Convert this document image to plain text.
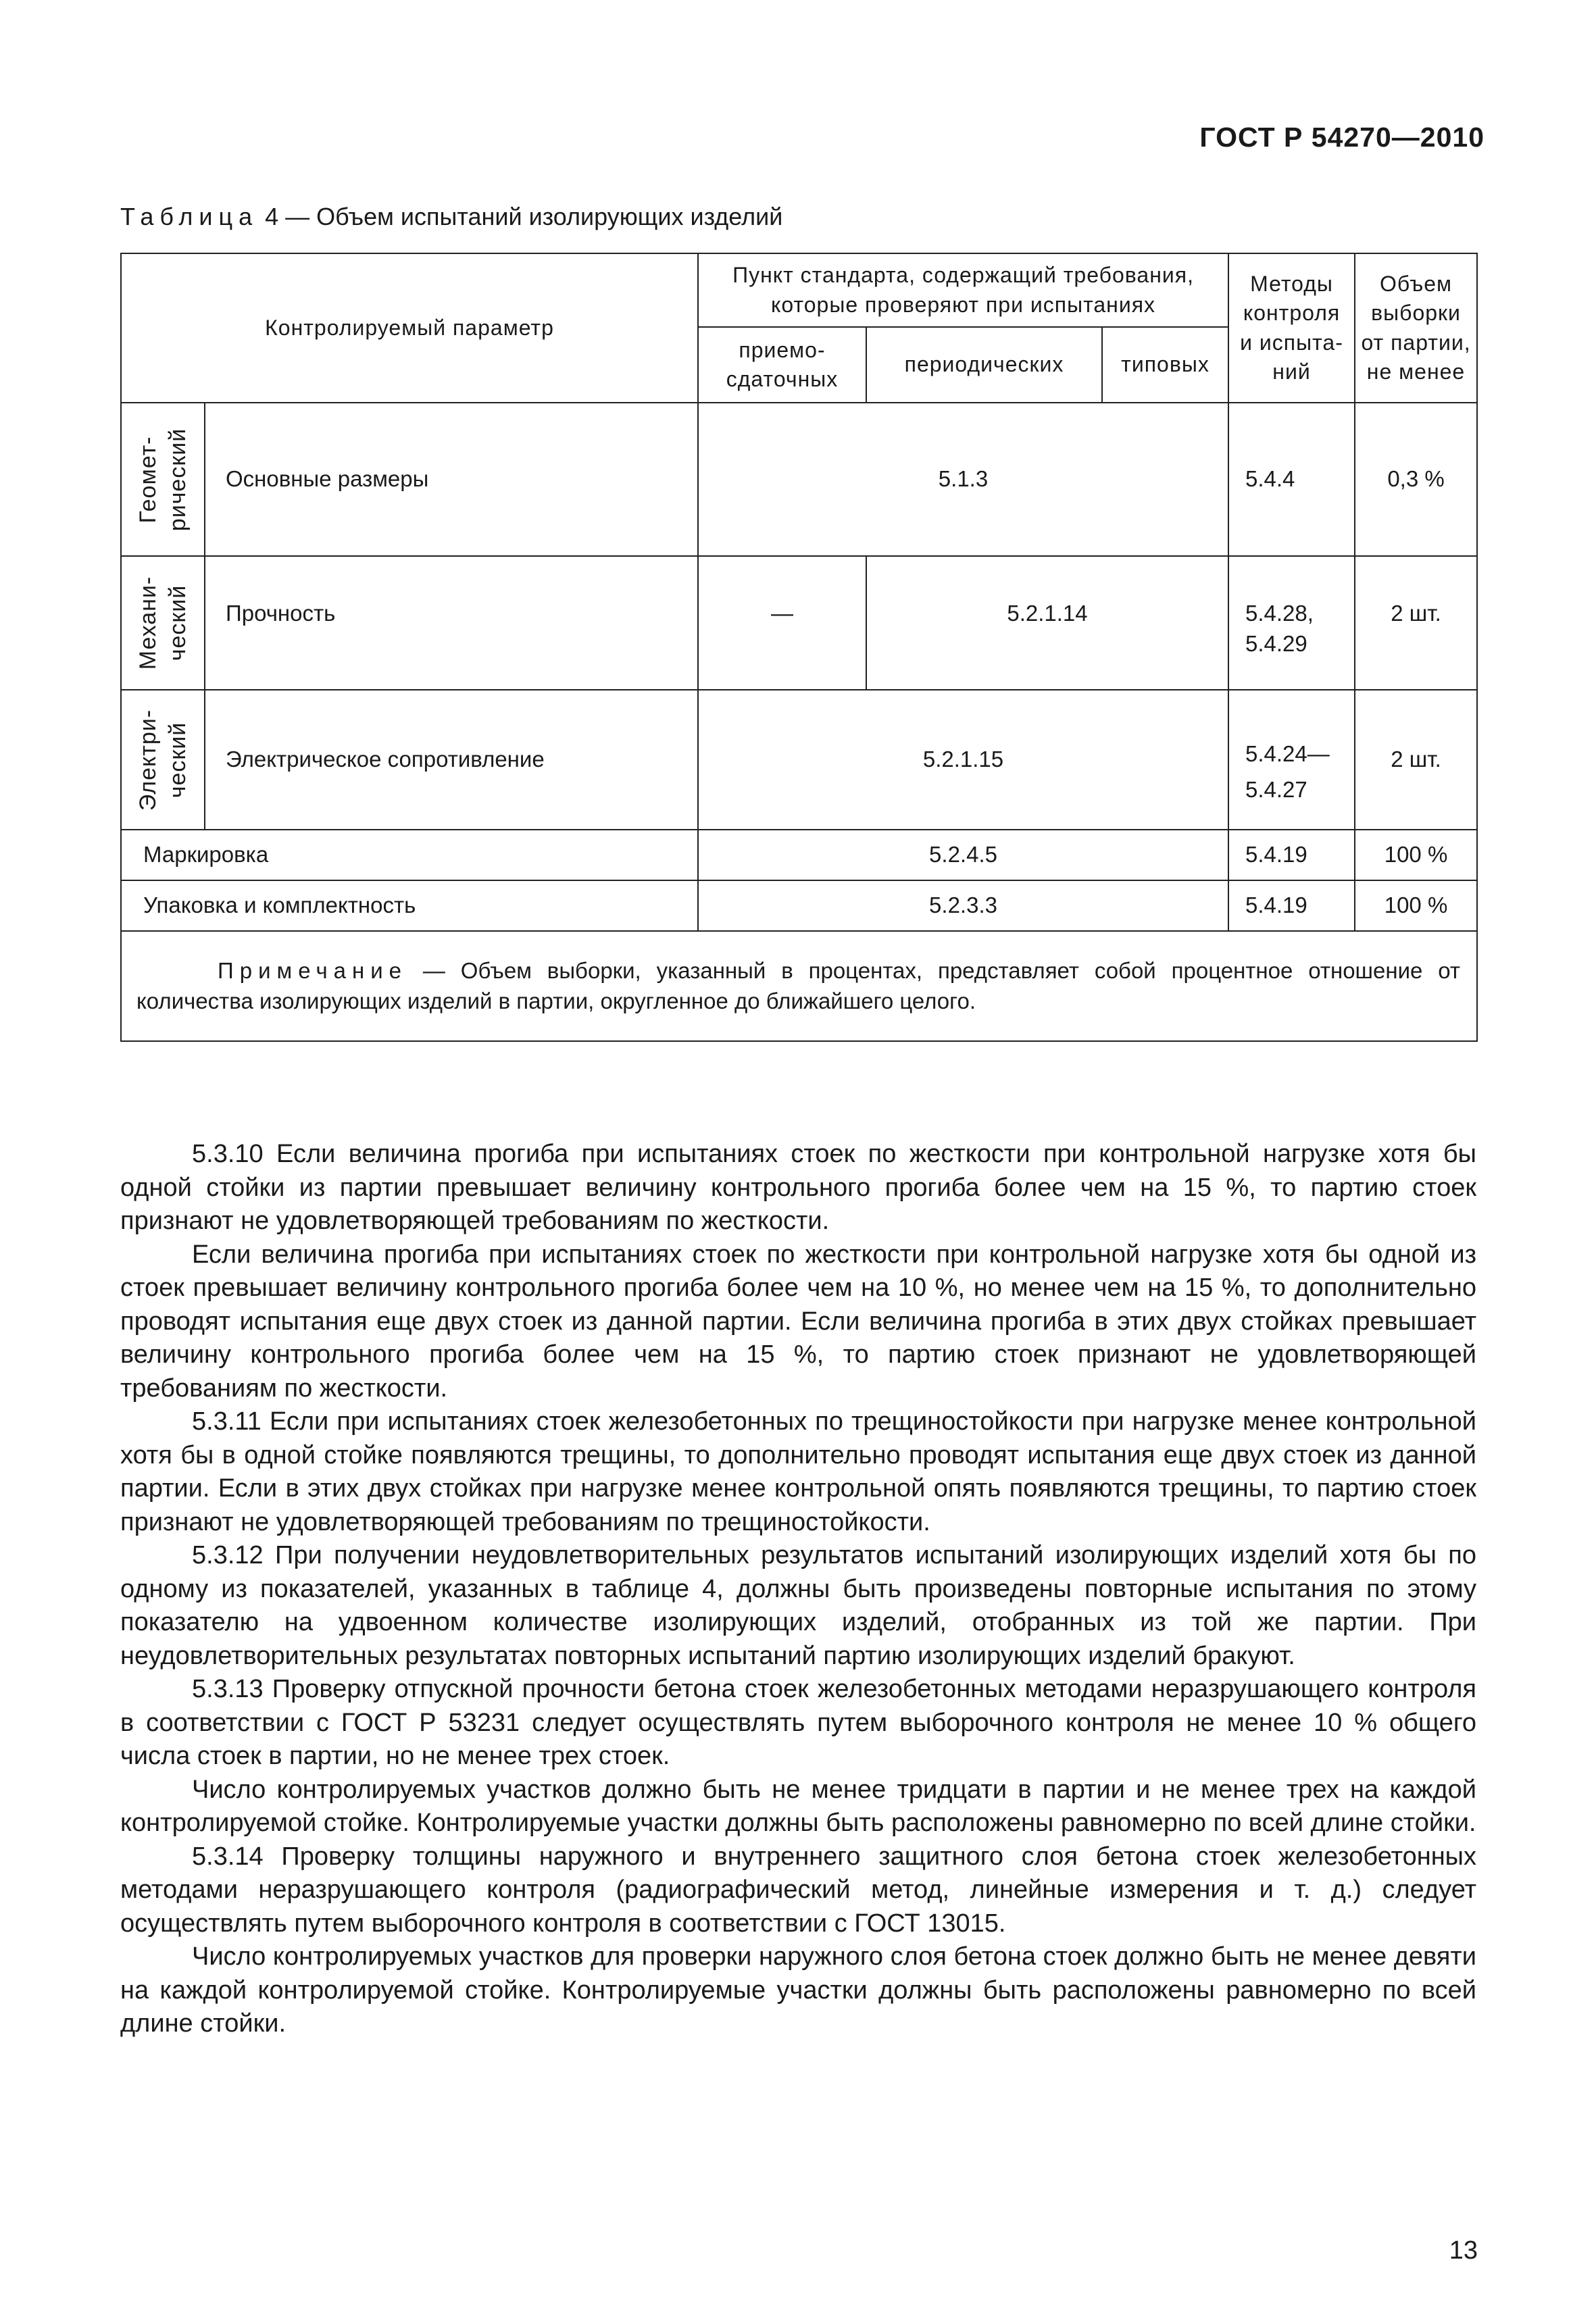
ГОСТ Р 54270—2010
Таблица 4 — Объем испытаний изолирующих изделий
Контролируемый параметр		Пункт стандарта, содержащий требования, которые проверяют при испытаниях			Методы контроля и испыта-ний	Объем выборки от партии, не менее
		приемо-сдаточных	периодических	типовых		

Геомет-рический	Основные размеры	5.1.3			5.4.4	0,3 %

Механи-ческий	Прочность	—	5.2.1.14		5.4.28, 5.4.29	2 шт.

Электри-ческий	Электрическое сопротивление	5.2.1.15			5.4.24— 5.4.27	2 шт.
Маркировка		5.2.4.5			5.4.19	100 %
Упаковка и комплектность		5.2.3.3			5.4.19	100 %
Примечание — Объем выборки, указанный в процентах, представляет собой процентное отношение от количества изолирующих изделий в партии, округленное до ближайшего целого.						

5.3.10 Если величина прогиба при испытаниях стоек по жесткости при контрольной нагрузке хотя бы одной стойки из партии превышает величину контрольного прогиба более чем на 15 %, то партию стоек признают не удовлетворяющей требованиям по жесткости.

Если величина прогиба при испытаниях стоек по жесткости при контрольной нагрузке хотя бы одной из стоек превышает величину контрольного прогиба более чем на 10 %, но менее чем на 15 %, то дополнительно проводят испытания еще двух стоек из данной партии. Если величина прогиба в этих двух стойках превышает величину контрольного прогиба более чем на 15 %, то партию стоек признают не удовлетворяющей требованиям по жесткости.

5.3.11 Если при испытаниях стоек железобетонных по трещиностойкости при нагрузке менее контрольной хотя бы в одной стойке появляются трещины, то дополнительно проводят испытания еще двух стоек из данной партии. Если в этих двух стойках при нагрузке менее контрольной опять появляются трещины, то партию стоек признают не удовлетворяющей требованиям по трещиностойкости.

5.3.12 При получении неудовлетворительных результатов испытаний изолирующих изделий хотя бы по одному из показателей, указанных в таблице 4, должны быть произведены повторные испытания по этому показателю на удвоенном количестве изолирующих изделий, отобранных из той же партии. При неудовлетворительных результатах повторных испытаний партию изолирующих изделий бракуют.

5.3.13 Проверку отпускной прочности бетона стоек железобетонных методами неразрушающего контроля в соответствии с ГОСТ Р 53231 следует осуществлять путем выборочного контроля не менее 10 % общего числа стоек в партии, но не менее трех стоек.

Число контролируемых участков должно быть не менее тридцати в партии и не менее трех на каждой контролируемой стойке. Контролируемые участки должны быть расположены равномерно по всей длине стойки.

5.3.14 Проверку толщины наружного и внутреннего защитного слоя бетона стоек железобетонных методами неразрушающего контроля (радиографический метод, линейные измерения и т. д.) следует осуществлять путем выборочного контроля в соответствии с ГОСТ 13015.

Число контролируемых участков для проверки наружного слоя бетона стоек должно быть не менее девяти на каждой контролируемой стойке. Контролируемые участки должны быть расположены равномерно по всей длине стойки.

13
